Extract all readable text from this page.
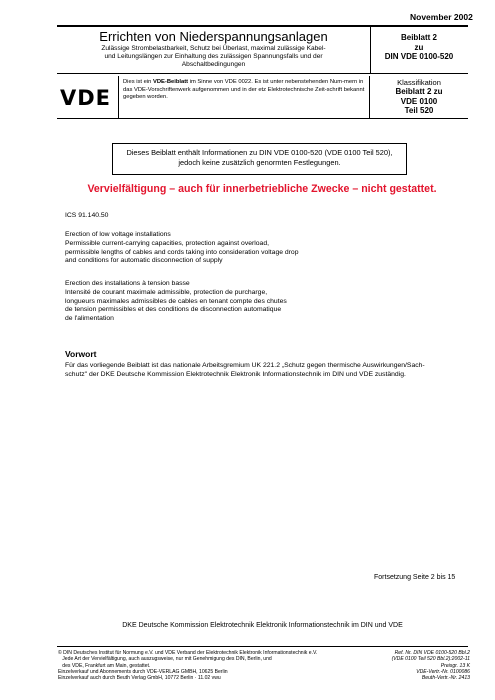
November 2002
Errichten von Niederspannungsanlagen
Zulässige Strombelastbarkeit, Schutz bei Überlast, maximal zulässige Kabel-
und Leitungslängen zur Einhaltung des zulässigen Spannungsfalls und der
Abschaltbedingungen
Beiblatt 2
zu
DIN VDE 0100-520
VDE
Dies ist ein VDE-Beiblatt im Sinne von VDE 0022. Es ist unter nebenstehenden Num-mern in das VDE-Vorschriftenwerk aufgenommen und in der etz Elektrotechnische Zeit-schrift bekannt gegeben worden.
Klassifikation
Beiblatt 2 zu
VDE 0100
Teil 520
Dieses Beiblatt enthält Informationen zu DIN VDE 0100-520 (VDE 0100 Teil 520),
jedoch keine zusätzlich genormten Festlegungen.
Vervielfältigung – auch für innerbetriebliche Zwecke – nicht gestattet.
ICS 91.140.50
Erection of low voltage installations
Permissible current-carrying capacities, protection against overload,
permissible lengths of cables and cords taking into consideration voltage drop
and conditions for automatic disconnection of supply
Erection des installations à tension basse
Intensité de courant maximale admissible, protection de purcharge,
longueurs maximales admissibles de cables en tenant compte des chutes
de tension permissibles et des conditions de disconnection automatique
de l'alimentation
Vorwort
Für das vorliegende Beiblatt ist das nationale Arbeitsgremium UK 221.2 „Schutz gegen thermische Auswirkungen/Sach-
schutz" der DKE Deutsche Kommission Elektrotechnik Elektronik Informationstechnik im DIN und VDE zuständig.
Fortsetzung Seite 2 bis 15
DKE Deutsche Kommission Elektrotechnik Elektronik Informationstechnik im DIN und VDE
© DIN Deutsches Institut für Normung e.V. und VDE Verband der Elektrotechnik Elektronik Informationstechnik e.V.
Jede Art der Vervielfältigung, auch auszugsweise, nur mit Genehmigung des DIN, Berlin, und
des VDE, Frankfurt am Main, gestattet.
Einzelverkauf und Abonnements durch VDE-VERLAG GMBH, 10625 Berlin
Einzelverkauf auch durch Beuth Verlag GmbH, 10772 Berlin · 11.02 vwu
Ref. Nr. DIN VDE 0100-520 Bbl.2
(VDE 0100 Teil 520 Bbl.2):2002-11
Preisgr. 13 K
VDE-Vertr.-Nr. 0100086
Beuth-Vertr.-Nr. 2413
